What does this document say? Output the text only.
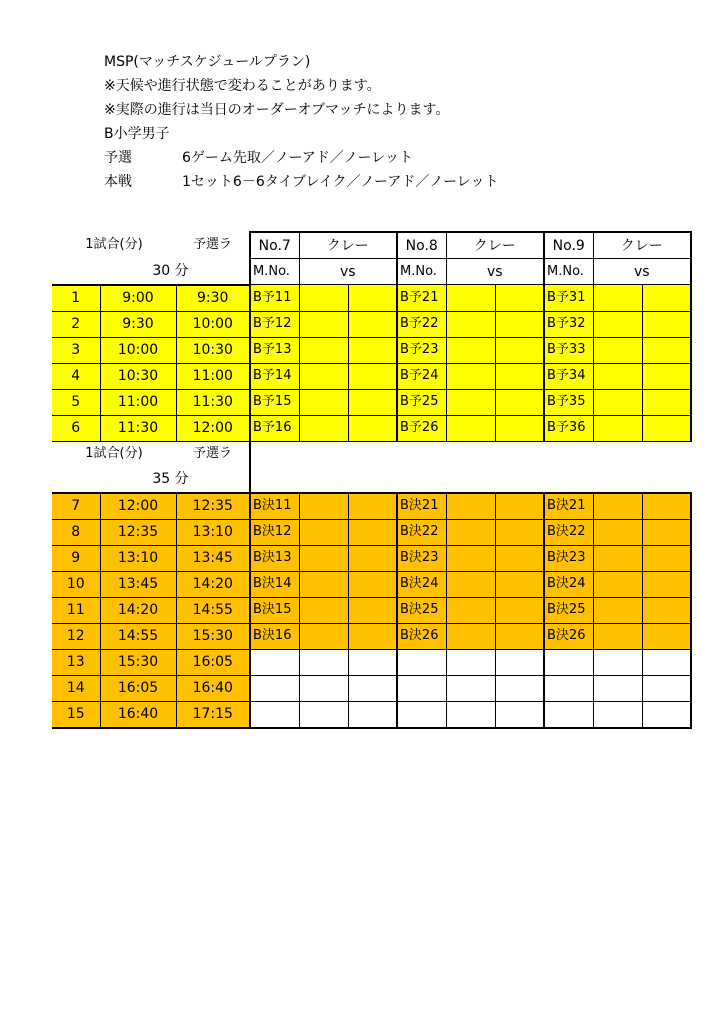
MSP(マッチスケジュールプラン)
※天候や進行状態で変わることがあります。
※実際の進行は当日のオーダーオブマッチによります。
B小学男子
予選	6ゲーム先取／ノーアド／ノーレット
本戦	1セット6－6タイブレイク／ノーアド／ノーレット
1試合(分)		予選ラ	No.7	クレー		No.8	クレー		No.9	クレー	
30 分			M.No.	vs		M.No.	vs		M.No.	vs	
1	9:00	9:30	B予11			B予21			B予31		
2	9:30	10:00	B予12			B予22			B予32		
3	10:00	10:30	B予13			B予23			B予33		
4	10:30	11:00	B予14			B予24			B予34		
5	11:00	11:30	B予15			B予25			B予35		
6	11:30	12:00	B予16			B予26			B予36		
1試合(分)		予選ラ									
35 分											
7	12:00	12:35	B決11			B決21			B決21		
8	12:35	13:10	B決12			B決22			B決22		
9	13:10	13:45	B決13			B決23			B決23		
10	13:45	14:20	B決14			B決24			B決24		
11	14:20	14:55	B決15			B決25			B決25		
12	14:55	15:30	B決16			B決26			B決26		
13	15:30	16:05									
14	16:05	16:40									
15	16:40	17:15									
